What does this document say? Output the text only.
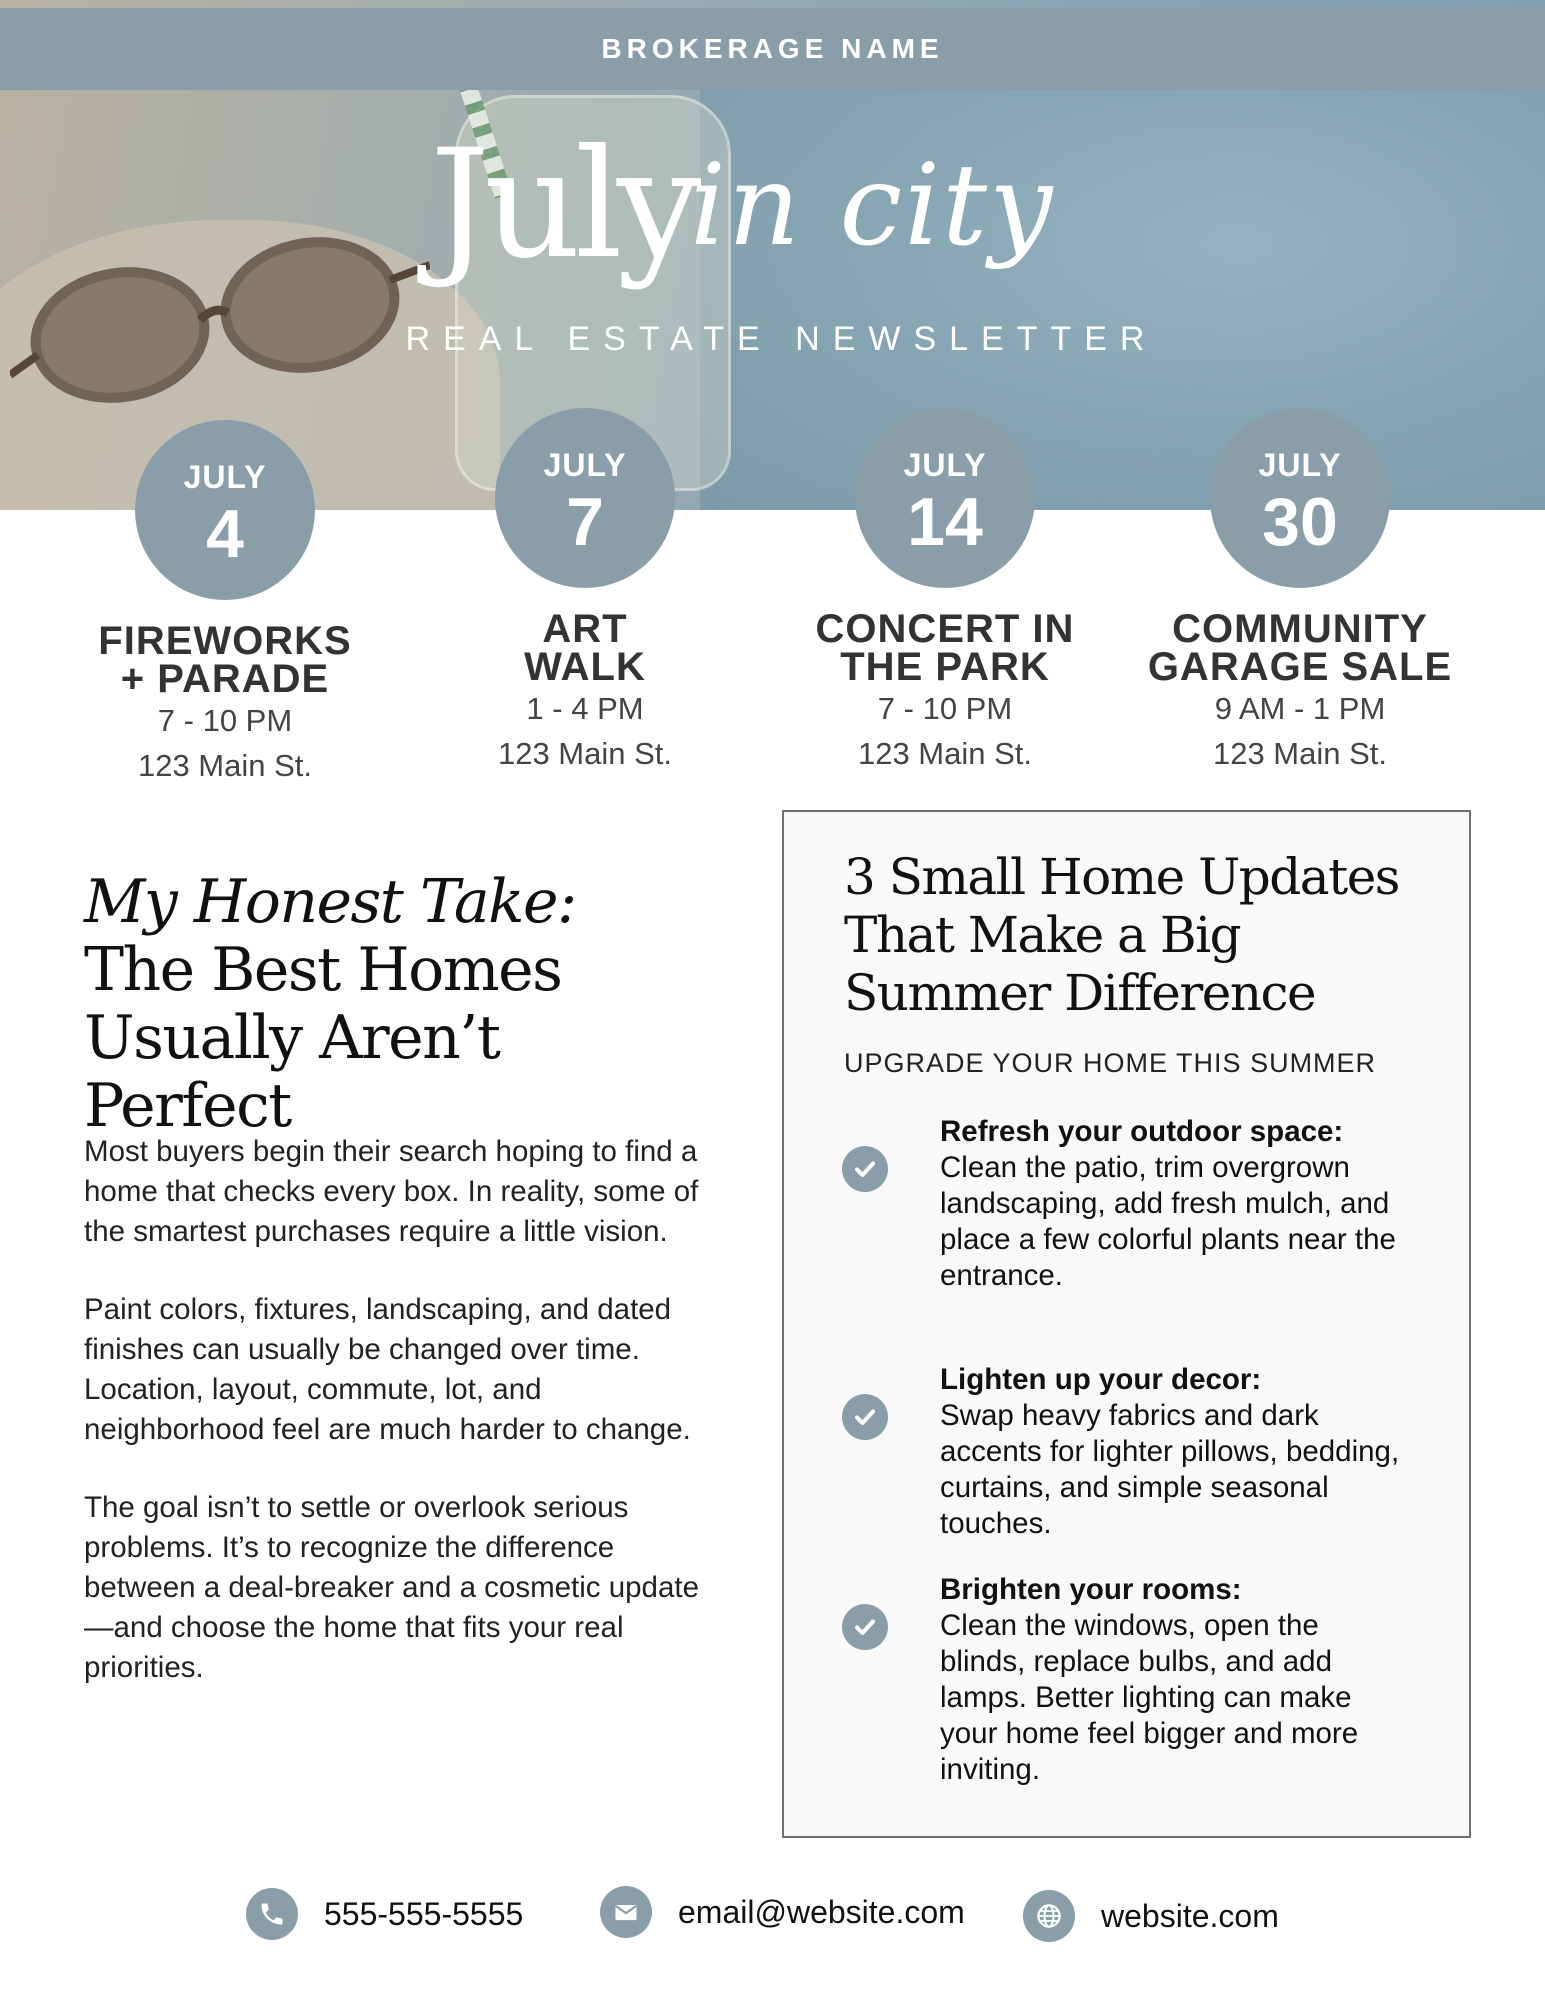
BROKERAGE NAME
July
in city
REAL ESTATE NEWSLETTER
JULY
4
FIREWORKS
+ PARADE
7 - 10 PM
123 Main St.
JULY
7
ART
WALK
1 - 4 PM
123 Main St.
JULY
14
CONCERT IN
THE PARK
7 - 10 PM
123 Main St.
JULY
30
COMMUNITY
GARAGE SALE
9 AM - 1 PM
123 Main St.
My Honest Take: The Best Homes Usually Aren’t Perfect

Most buyers begin their search hoping to find a home that checks every box. In reality, some of the smartest purchases require a little vision.

Paint colors, fixtures, landscaping, and dated finishes can usually be changed over time. Location, layout, commute, lot, and neighborhood feel are much harder to change.

The goal isn’t to settle or overlook serious problems. It’s to recognize the difference between a deal-breaker and a cosmetic update—and choose the home that fits your real priorities.

3 Small Home Updates That Make a Big Summer Difference
UPGRADE YOUR HOME THIS SUMMER
Refresh your outdoor space:
Clean the patio, trim overgrown landscaping, add fresh mulch, and place a few colorful plants near the entrance.
Lighten up your decor:
Swap heavy fabrics and dark accents for lighter pillows, bedding, curtains, and simple seasonal touches.
Brighten your rooms:
Clean the windows, open the blinds, replace bulbs, and add lamps. Better lighting can make your home feel bigger and more inviting.
555-555-5555	email@website.com	website.com
